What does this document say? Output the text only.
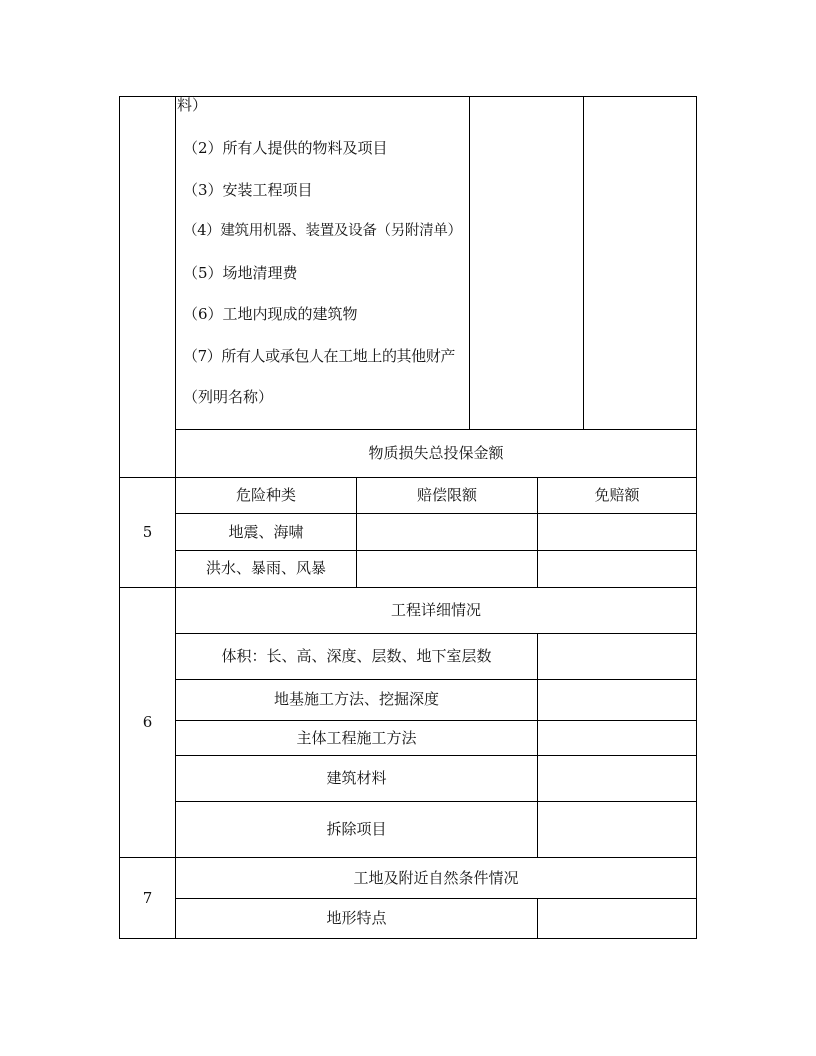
料）
（2）所有人提供的物料及项目
（3）安装工程项目
（4）建筑用机器、装置及设备（另附清单）
（5）场地清理费
（6）工地内现成的建筑物
（7）所有人或承包人在工地上的其他财产
（列明名称）
物质损失总投保金额
5
危险种类	赔偿限额	免赔额
地震、海啸
洪水、暴雨、风暴
6
工程详细情况
体积：长、高、深度、层数、地下室层数
地基施工方法、挖掘深度
主体工程施工方法
建筑材料
拆除项目
7
工地及附近自然条件情况
地形特点
